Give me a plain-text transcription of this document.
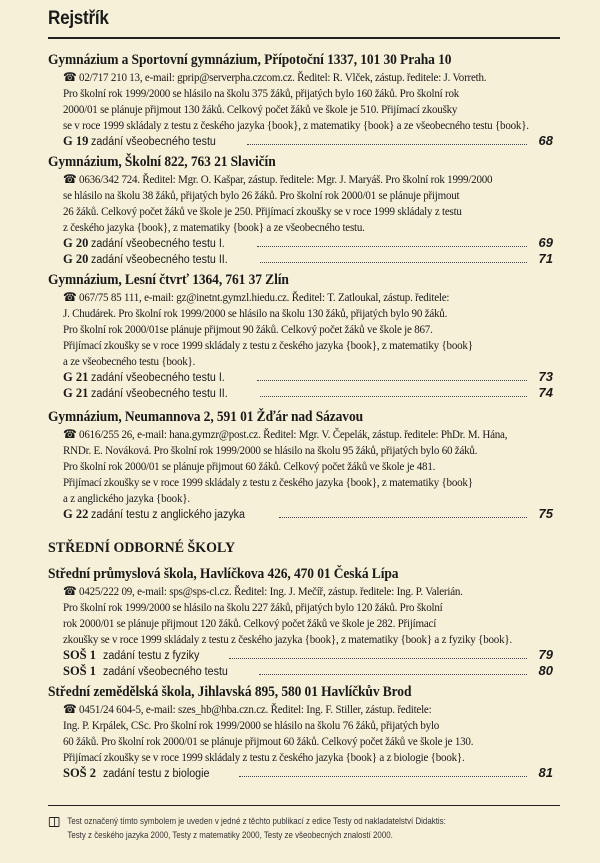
Rejstřík
Gymnázium a Sportovní gymnázium, Přípotoční 1337, 101 30 Praha 10
☎ 02/717 210 13, e-mail: gprip@serverpha.czcom.cz. Ředitel: R. Vlček, zástup. ředitele: J. Vorreth.
Pro školní rok 1999/2000 se hlásilo na školu 375 žáků, přijatých bylo 160 žáků. Pro školní rok
2000/01 se plánuje přijmout 130 žáků. Celkový počet žáků ve škole je 510. Přijímací zkoušky
se v roce 1999 skládaly z testu z českého jazyka {book}, z matematiky {book} a ze všeobecného testu {book}.
G 19 zadání všeobecného testu	68
Gymnázium, Školní 822, 763 21 Slavičín
☎ 0636/342 724. Ředitel: Mgr. O. Kašpar, zástup. ředitele: Mgr. J. Maryáš. Pro školní rok 1999/2000
se hlásilo na školu 38 žáků, přijatých bylo 26 žáků. Pro školní rok 2000/01 se plánuje přijmout
26 žáků. Celkový počet žáků ve škole je 250. Přijímací zkoušky se v roce 1999 skládaly z testu
z českého jazyka {book}, z matematiky {book} a ze všeobecného testu.
G 20 zadání všeobecného testu I.	69
G 20 zadání všeobecného testu II.	71
Gymnázium, Lesní čtvrť 1364, 761 37 Zlín
☎ 067/75 85 111, e-mail: gz@inetnt.gymzl.hiedu.cz. Ředitel: T. Zatloukal, zástup. ředitele:
J. Chudárek. Pro školní rok 1999/2000 se hlásilo na školu 130 žáků, přijatých bylo 90 žáků.
Pro školní rok 2000/01se plánuje přijmout 90 žáků. Celkový počet žáků ve škole je 867.
Přijímací zkoušky se v roce 1999 skládaly z testu z českého jazyka {book}, z matematiky {book}
a ze všeobecného testu {book}.
G 21 zadání všeobecného testu I.	73
G 21 zadání všeobecného testu II.	74
Gymnázium, Neumannova 2, 591 01 Žďár nad Sázavou
☎ 0616/255 26, e-mail: hana.gymzr@post.cz. Ředitel: Mgr. V. Čepelák, zástup. ředitele: PhDr. M. Hána,
RNDr. E. Nováková. Pro školní rok 1999/2000 se hlásilo na školu 95 žáků, přijatých bylo 60 žáků.
Pro školní rok 2000/01 se plánuje přijmout 60 žáků. Celkový počet žáků ve škole je 481.
Přijímací zkoušky se v roce 1999 skládaly z testu z českého jazyka {book}, z matematiky {book}
a z anglického jazyka {book}.
G 22 zadání testu z anglického jazyka	75
STŘEDNÍ ODBORNÉ ŠKOLY
Střední průmyslová škola, Havlíčkova 426, 470 01 Česká Lípa
☎ 0425/222 09, e-mail: sps@sps-cl.cz. Ředitel: Ing. J. Mečíř, zástup. ředitele: Ing. P. Valerián.
Pro školní rok 1999/2000 se hlásilo na školu 227 žáků, přijatých bylo 120 žáků. Pro školní
rok 2000/01 se plánuje přijmout 120 žáků. Celkový počet žáků ve škole je 282. Přijímací
zkoušky se v roce 1999 skládaly z testu z českého jazyka {book}, z matematiky {book} a z fyziky {book}.
SOŠ 1 zadání testu z fyziky	79
SOŠ 1 zadání všeobecného testu	80
Střední zemědělská škola, Jihlavská 895, 580 01 Havlíčkův Brod
☎ 0451/24 604-5, e-mail: szes_hb@hba.czn.cz. Ředitel: Ing. F. Stiller, zástup. ředitele:
Ing. P. Krpálek, CSc. Pro školní rok 1999/2000 se hlásilo na školu 76 žáků, přijatých bylo
60 žáků. Pro školní rok 2000/01 se plánuje přijmout 60 žáků. Celkový počet žáků ve škole je 130.
Přijímací zkoušky se v roce 1999 skládaly z testu z českého jazyka {book} a z biologie {book}.
SOŠ 2 zadání testu z biologie	81
Test označený tímto symbolem je uveden v jedné z těchto publikací z edice Testy od nakladatelství Didaktis:
Testy z českého jazyka 2000, Testy z matematiky 2000, Testy ze všeobecných znalostí 2000.
